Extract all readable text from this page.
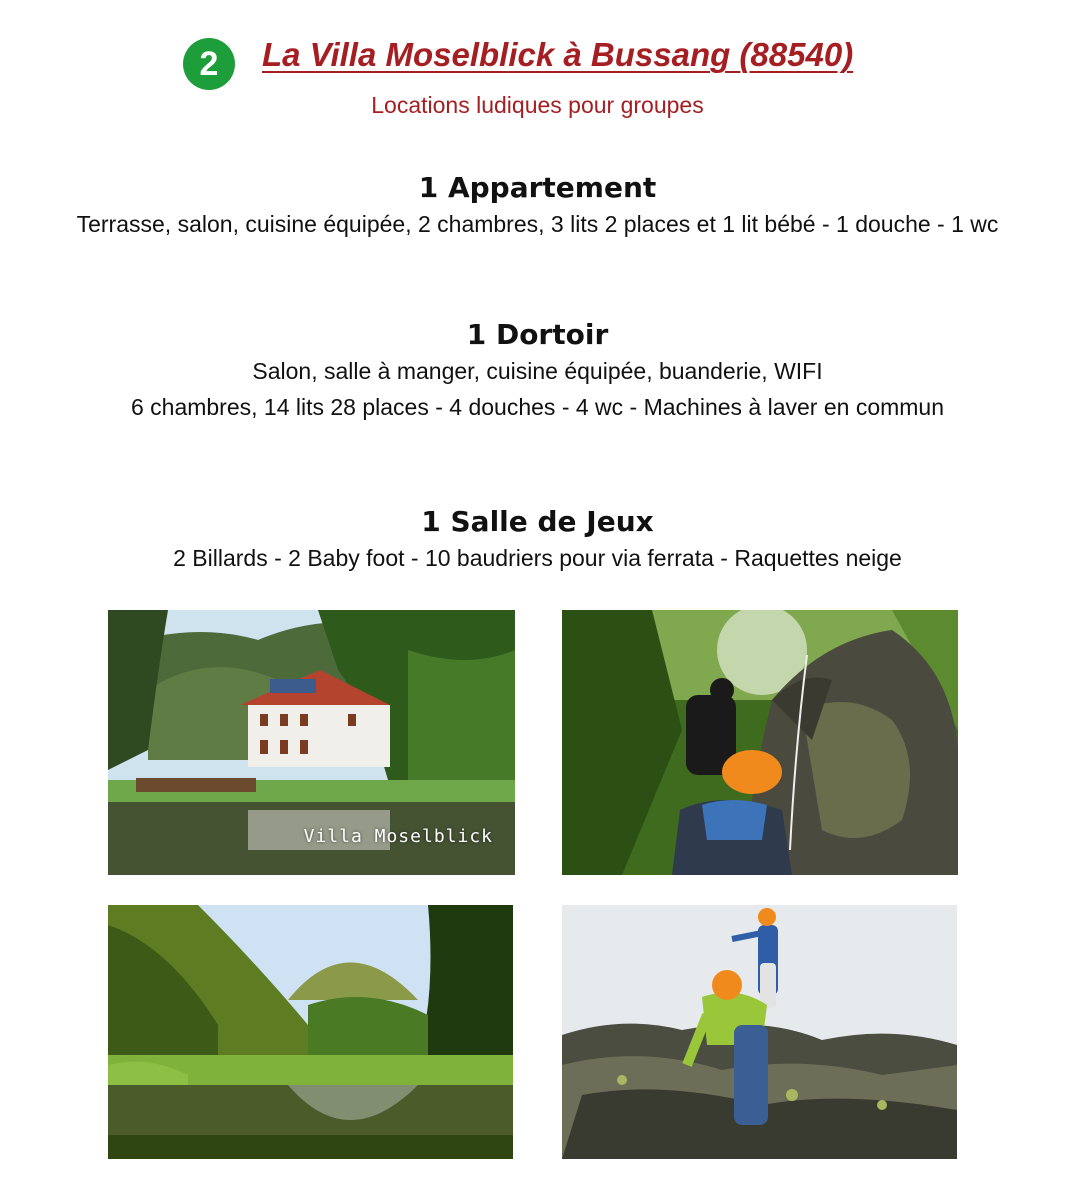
2	La Villa Moselblick à Bussang (88540)
Locations ludiques pour groupes
1 Appartement

Terrasse, salon, cuisine équipée, 2 chambres, 3 lits 2 places et 1 lit bébé - 1 douche - 1 wc

1 Dortoir

Salon, salle à manger, cuisine équipée, buanderie, WIFI

6 chambres, 14 lits 28 places - 4 douches - 4 wc - Machines à laver en commun

1 Salle de Jeux

2 Billards - 2 Baby foot - 10 baudriers pour via ferrata - Raquettes neige

Villa Moselblick
